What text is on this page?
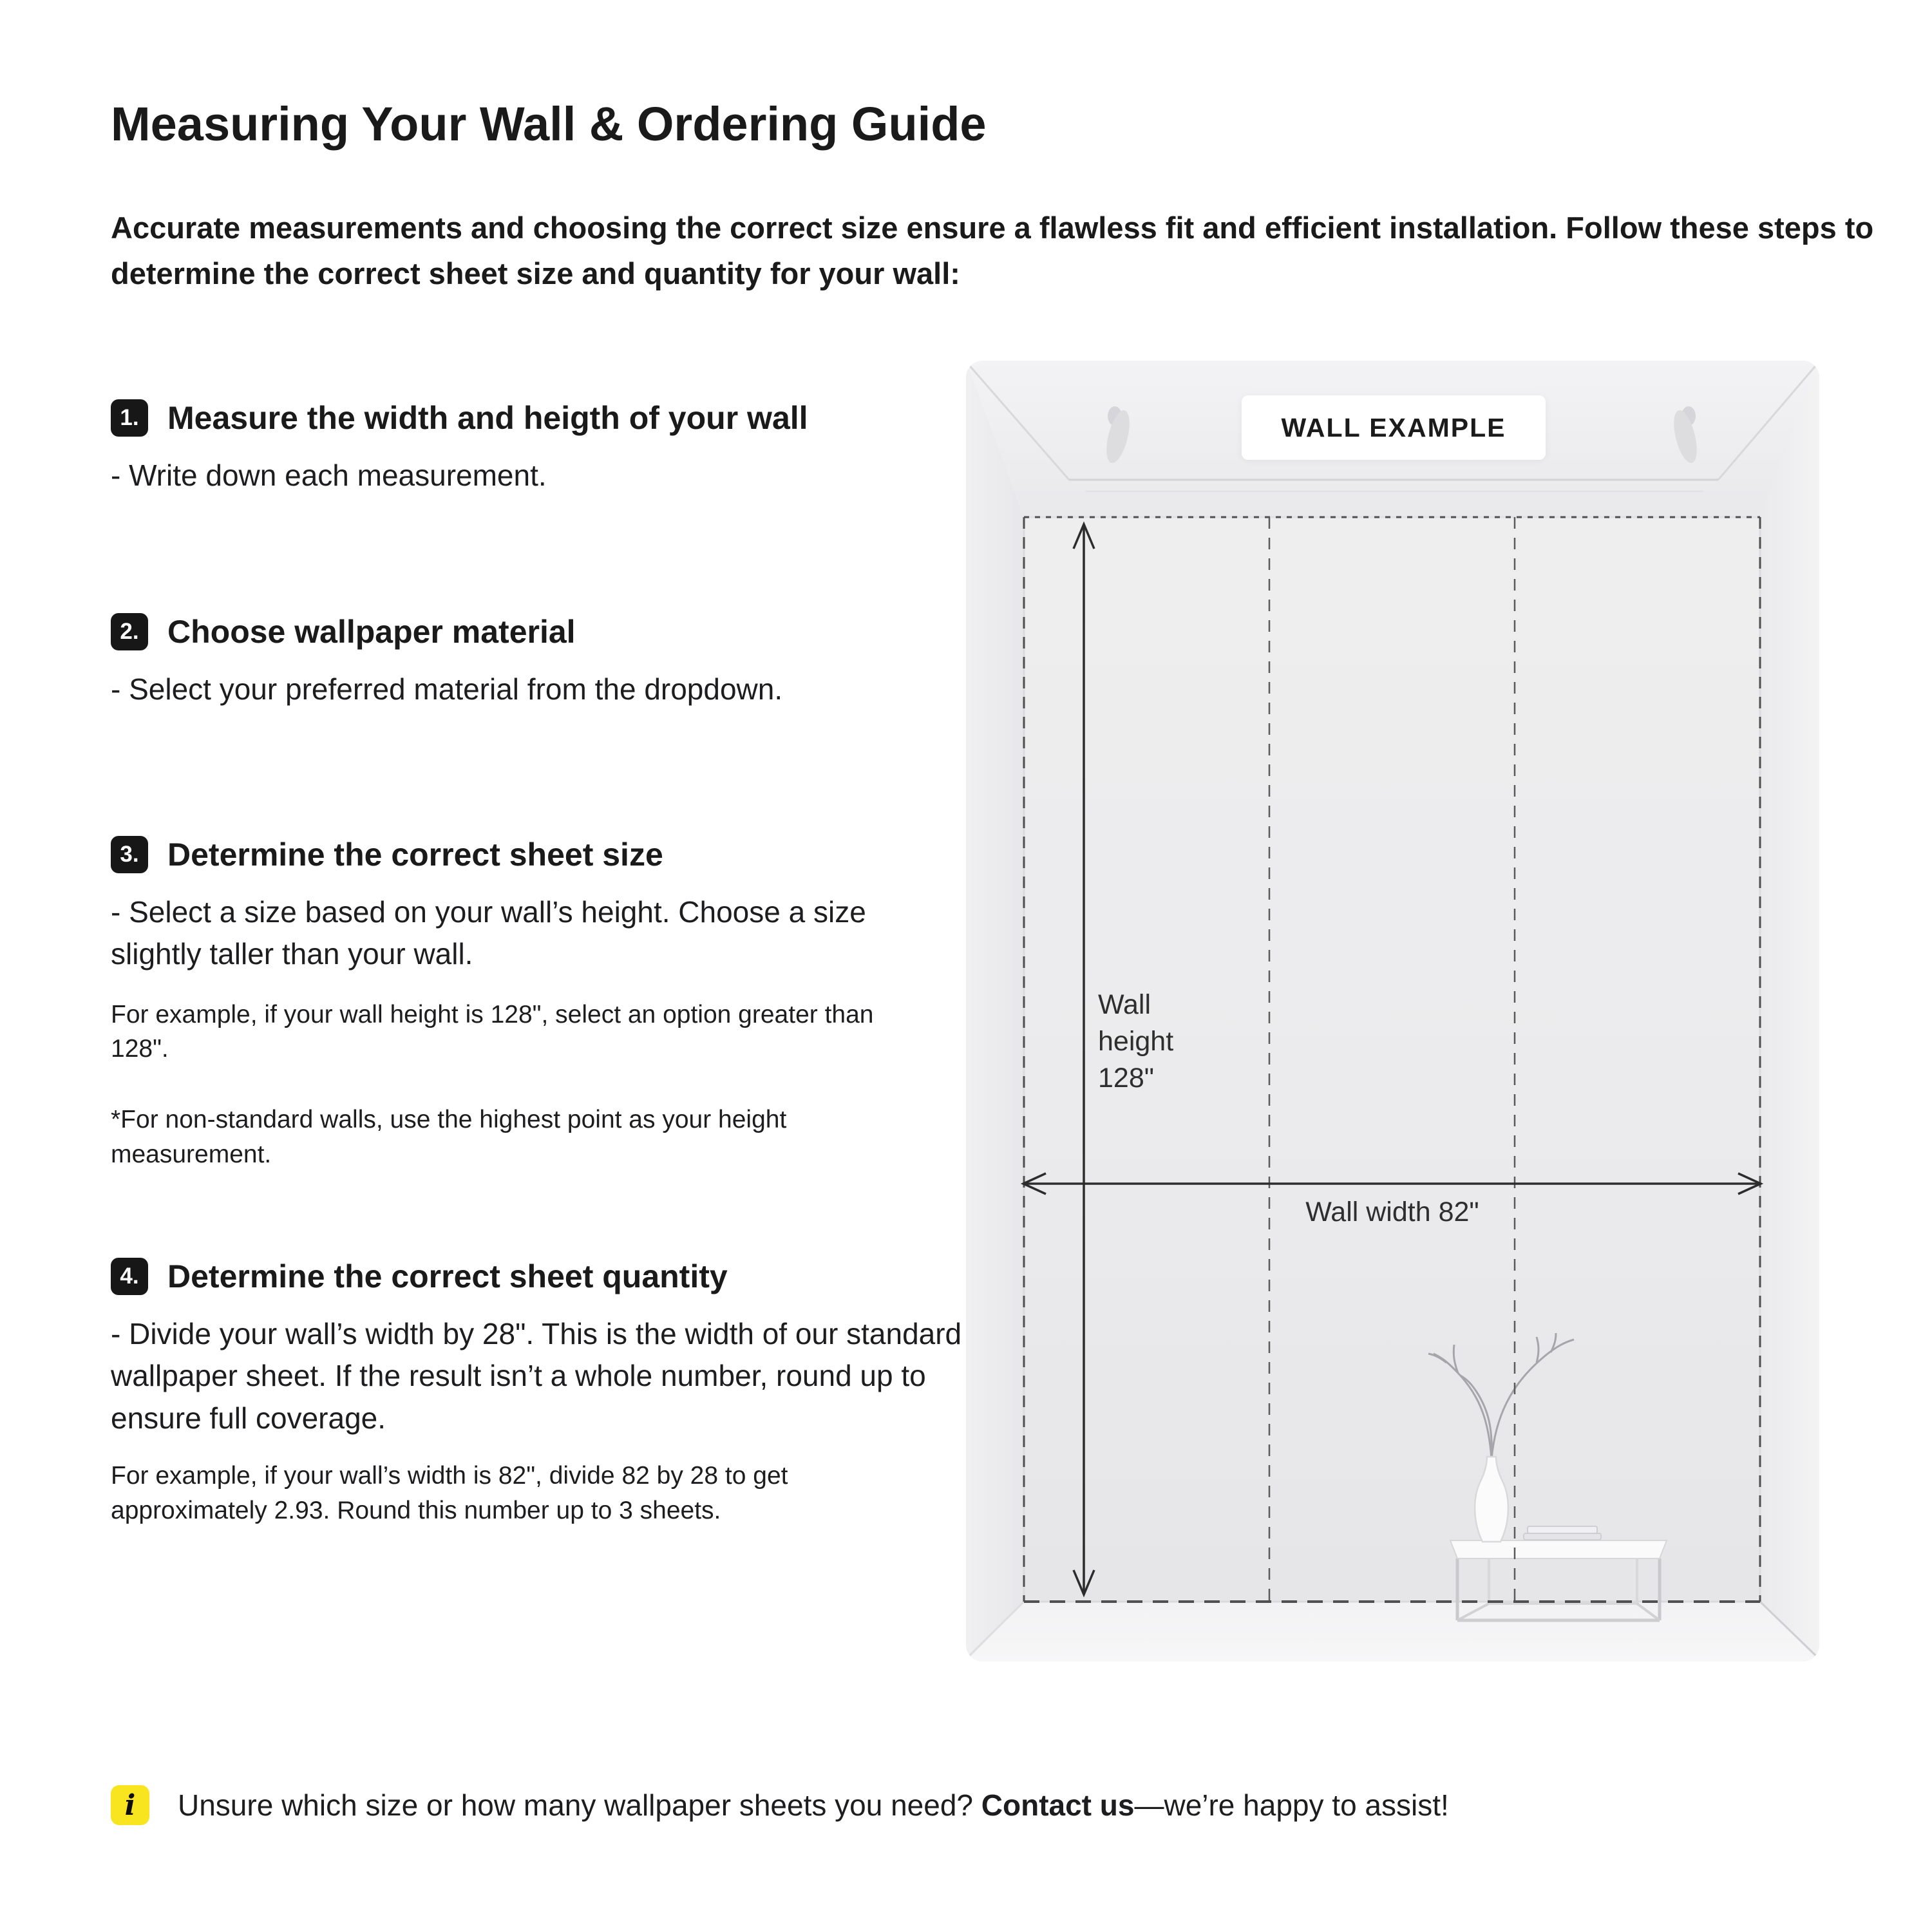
Measuring Your Wall & Ordering Guide
Accurate measurements and choosing the correct size ensure a flawless fit and efficient installation. Follow these steps to determine the correct sheet size and quantity for your wall:
1. Measure the width and heigth of your wall
- Write down each measurement.
2. Choose wallpaper material
- Select your preferred material from the dropdown.
3. Determine the correct sheet size
- Select a size based on your wall’s height. Choose a size slightly taller than your wall.
For example, if your wall height is 128", select an option greater than 128".
*For non-standard walls, use the highest point as your height measurement.
4. Determine the correct sheet quantity
- Divide your wall’s width by 28". This is the width of our standard wallpaper sheet. If the result isn’t a whole number, round up to ensure full coverage.
For example, if your wall’s width is 82", divide 82 by 28 to get approximately 2.93. Round this number up to 3 sheets.
WALL EXAMPLE
Wall
height
128"
Wall width 82"
i	Unsure which size or how many wallpaper sheets you need? Contact us—we’re happy to assist!
